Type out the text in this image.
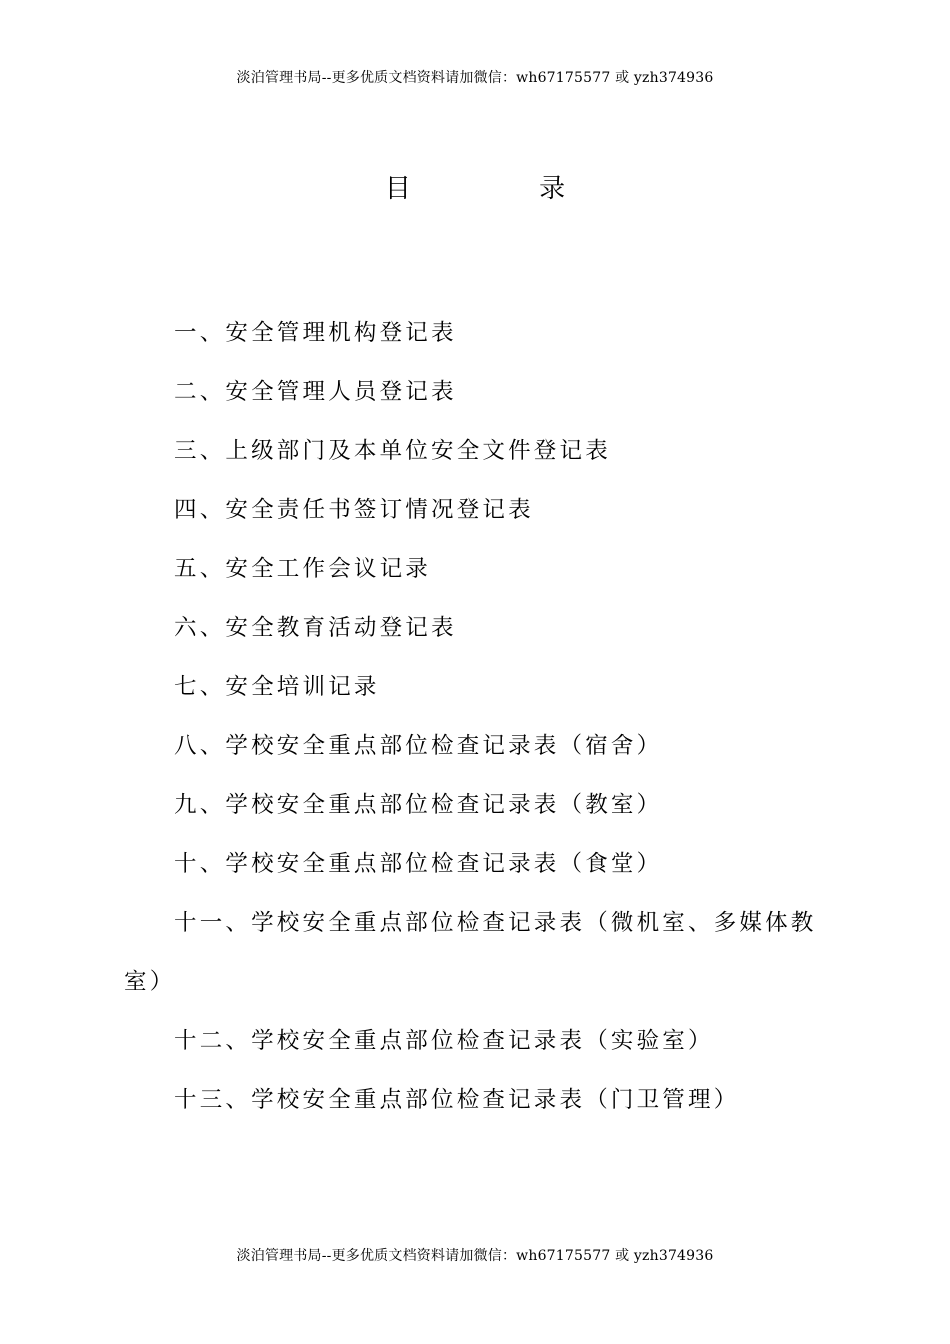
淡泊管理书局--更多优质文档资料请加微信：wh67175577 或 yzh374936
目 录
一、安全管理机构登记表
二、安全管理人员登记表
三、上级部门及本单位安全文件登记表
四、安全责任书签订情况登记表
五、安全工作会议记录
六、安全教育活动登记表
七、安全培训记录
八、学校安全重点部位检查记录表（宿舍）
九、学校安全重点部位检查记录表（教室）
十、学校安全重点部位检查记录表（食堂）
十一、学校安全重点部位检查记录表（微机室、多媒体教
室）
十二、学校安全重点部位检查记录表（实验室）
十三、学校安全重点部位检查记录表（门卫管理）
淡泊管理书局--更多优质文档资料请加微信：wh67175577 或 yzh374936
